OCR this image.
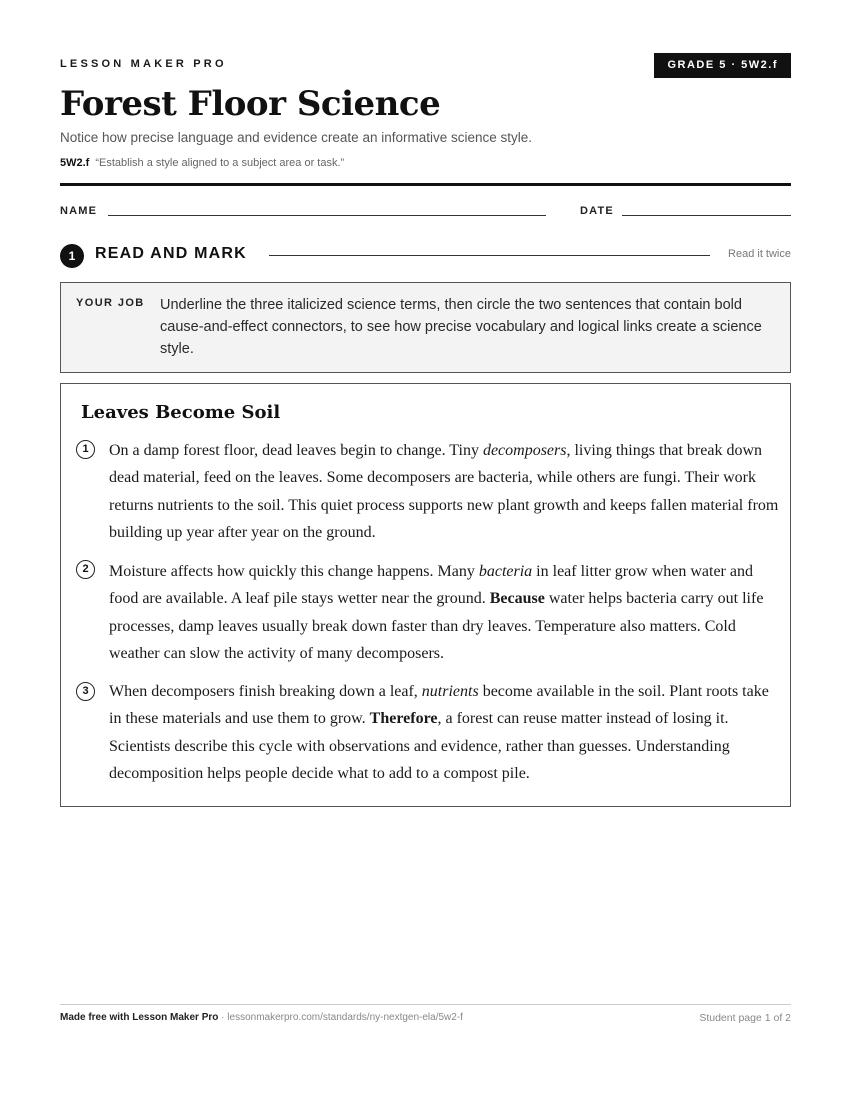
LESSON MAKER PRO	GRADE 5 · 5W2.f
Forest Floor Science
Notice how precise language and evidence create an informative science style.
5W2.f “Establish a style aligned to a subject area or task.”
NAME	DATE
1	READ AND MARK	Read it twice
YOUR JOB Underline the three italicized science terms, then circle the two sentences that contain bold cause-and-effect connectors, to see how precise vocabulary and logical links create a science style.
Leaves Become Soil
1	On a damp forest floor, dead leaves begin to change. Tiny decomposers, living things that break down dead material, feed on the leaves. Some decomposers are bacteria, while others are fungi. Their work returns nutrients to the soil. This quiet process supports new plant growth and keeps fallen material from building up year after year on the ground.

2	Moisture affects how quickly this change happens. Many bacteria in leaf litter grow when water and food are available. A leaf pile stays wetter near the ground. Because water helps bacteria carry out life processes, damp leaves usually break down faster than dry leaves. Temperature also matters. Cold weather can slow the activity of many decomposers.

3	When decomposers finish breaking down a leaf, nutrients become available in the soil. Plant roots take in these materials and use them to grow. Therefore, a forest can reuse matter instead of losing it. Scientists describe this cycle with observations and evidence, rather than guesses. Understanding decomposition helps people decide what to add to a compost pile.

Made free with Lesson Maker Pro · lessonmakerpro.com/standards/ny-nextgen-ela/5w2-f	Student page 1 of 2
